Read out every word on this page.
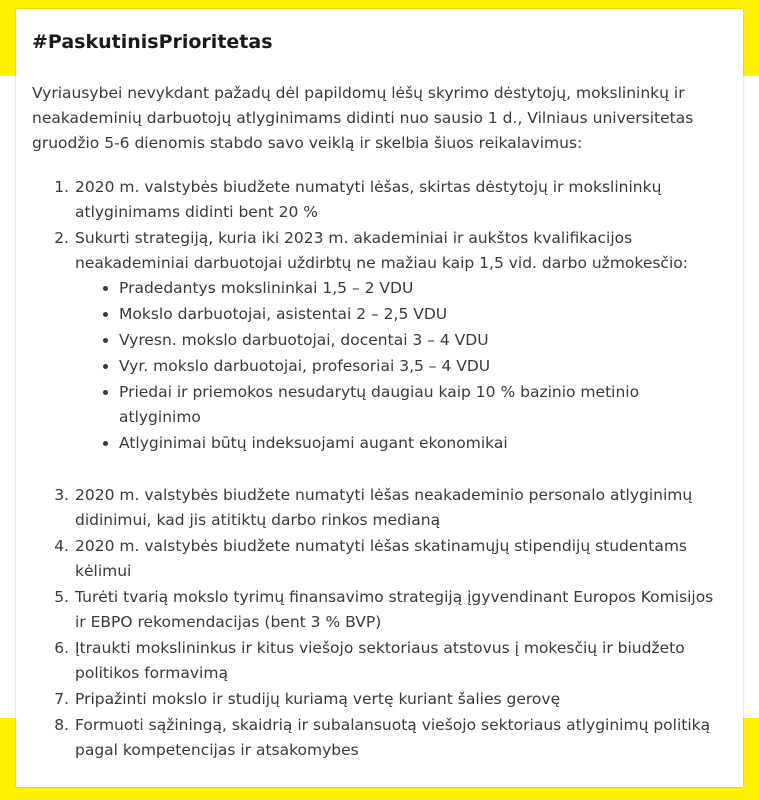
#PaskutinisPrioritetas

Vyriausybei nevykdant pažadų dėl papildomų lėšų skyrimo dėstytojų, mokslininkų ir neakademinių darbuotojų atlyginimams didinti nuo sausio 1 d., Vilniaus universitetas gruodžio 5-6 dienomis stabdo savo veiklą ir skelbia šiuos reikalavimus:

1. 2020 m. valstybės biudžete numatyti lėšas, skirtas dėstytojų ir mokslininkų atlyginimams didinti bent 20 %
2. Sukurti strategiją, kuria iki 2023 m. akademiniai ir aukštos kvalifikacijos neakademiniai darbuotojai uždirbtų ne mažiau kaip 1,5 vid. darbo užmokesčio:
• Pradedantys mokslininkai 1,5 – 2 VDU
• Mokslo darbuotojai, asistentai 2 – 2,5 VDU
• Vyresn. mokslo darbuotojai, docentai 3 – 4 VDU
• Vyr. mokslo darbuotojai, profesoriai 3,5 – 4 VDU
• Priedai ir priemokos nesudarytų daugiau kaip 10 % bazinio metinio atlyginimo
• Atlyginimai būtų indeksuojami augant ekonomikai
3. 2020 m. valstybės biudžete numatyti lėšas neakademinio personalo atlyginimų didinimui, kad jis atitiktų darbo rinkos medianą
4. 2020 m. valstybės biudžete numatyti lėšas skatinamųjų stipendijų studentams kėlimui
5. Turėti tvarią mokslo tyrimų finansavimo strategiją įgyvendinant Europos Komisijos ir EBPO rekomendacijas (bent 3 % BVP)
6. Įtraukti mokslininkus ir kitus viešojo sektoriaus atstovus į mokesčių ir biudžeto politikos formavimą
7. Pripažinti mokslo ir studijų kuriamą vertę kuriant šalies gerovę
8. Formuoti sąžiningą, skaidrią ir subalansuotą viešojo sektoriaus atlyginimų politiką pagal kompetencijas ir atsakomybes
